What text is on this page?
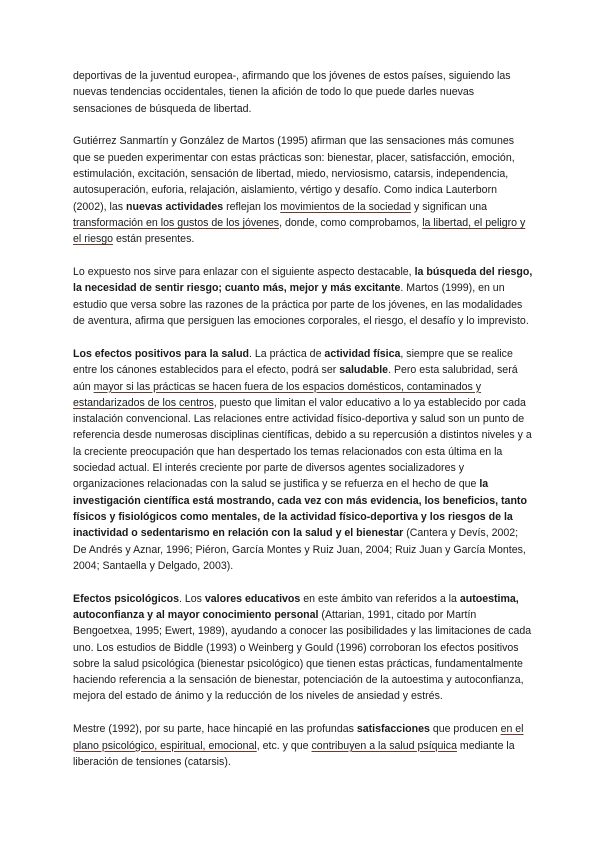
deportivas de la juventud europea-, afirmando que los jóvenes de estos países, siguiendo las nuevas tendencias occidentales, tienen la afición de todo lo que puede darles nuevas sensaciones de búsqueda de libertad.

Gutiérrez Sanmartín y González de Martos (1995) afirman que las sensaciones más comunes que se pueden experimentar con estas prácticas son: bienestar, placer, satisfacción, emoción, estimulación, excitación, sensación de libertad, miedo, nerviosismo, catarsis, independencia, autosuperación, euforia, relajación, aislamiento, vértigo y desafío. Como indica Lauterborn (2002), las nuevas actividades reflejan los movimientos de la sociedad y significan una transformación en los gustos de los jóvenes, donde, como comprobamos, la libertad, el peligro y el riesgo están presentes.

Lo expuesto nos sirve para enlazar con el siguiente aspecto destacable, la búsqueda del riesgo, la necesidad de sentir riesgo; cuanto más, mejor y más excitante. Martos (1999), en un estudio que versa sobre las razones de la práctica por parte de los jóvenes, en las modalidades de aventura, afirma que persiguen las emociones corporales, el riesgo, el desafío y lo imprevisto.

Los efectos positivos para la salud. La práctica de actividad física, siempre que se realice entre los cánones establecidos para el efecto, podrá ser saludable. Pero esta salubridad, será aún mayor si las prácticas se hacen fuera de los espacios domésticos, contaminados y estandarizados de los centros, puesto que limitan el valor educativo a lo ya establecido por cada instalación convencional. Las relaciones entre actividad físico-deportiva y salud son un punto de referencia desde numerosas disciplinas científicas, debido a su repercusión a distintos niveles y a la creciente preocupación que han despertado los temas relacionados con esta última en la sociedad actual. El interés creciente por parte de diversos agentes socializadores y organizaciones relacionadas con la salud se justifica y se refuerza en el hecho de que la investigación científica está mostrando, cada vez con más evidencia, los beneficios, tanto físicos y fisiológicos como mentales, de la actividad físico-deportiva y los riesgos de la inactividad o sedentarismo en relación con la salud y el bienestar (Cantera y Devís, 2002; De Andrés y Aznar, 1996; Piéron, García Montes y Ruiz Juan, 2004; Ruiz Juan y García Montes, 2004; Santaella y Delgado, 2003).

Efectos psicológicos. Los valores educativos en este ámbito van referidos a la autoestima, autoconfianza y al mayor conocimiento personal (Attarian, 1991, citado por Martín Bengoetxea, 1995; Ewert, 1989), ayudando a conocer las posibilidades y las limitaciones de cada uno. Los estudios de Biddle (1993) o Weinberg y Gould (1996) corroboran los efectos positivos sobre la salud psicológica (bienestar psicológico) que tienen estas prácticas, fundamentalmente haciendo referencia a la sensación de bienestar, potenciación de la autoestima y autoconfianza, mejora del estado de ánimo y la reducción de los niveles de ansiedad y estrés.

Mestre (1992), por su parte, hace hincapié en las profundas satisfacciones que producen en el plano psicológico, espiritual, emocional, etc. y que contribuyen a la salud psíquica mediante la liberación de tensiones (catarsis).
